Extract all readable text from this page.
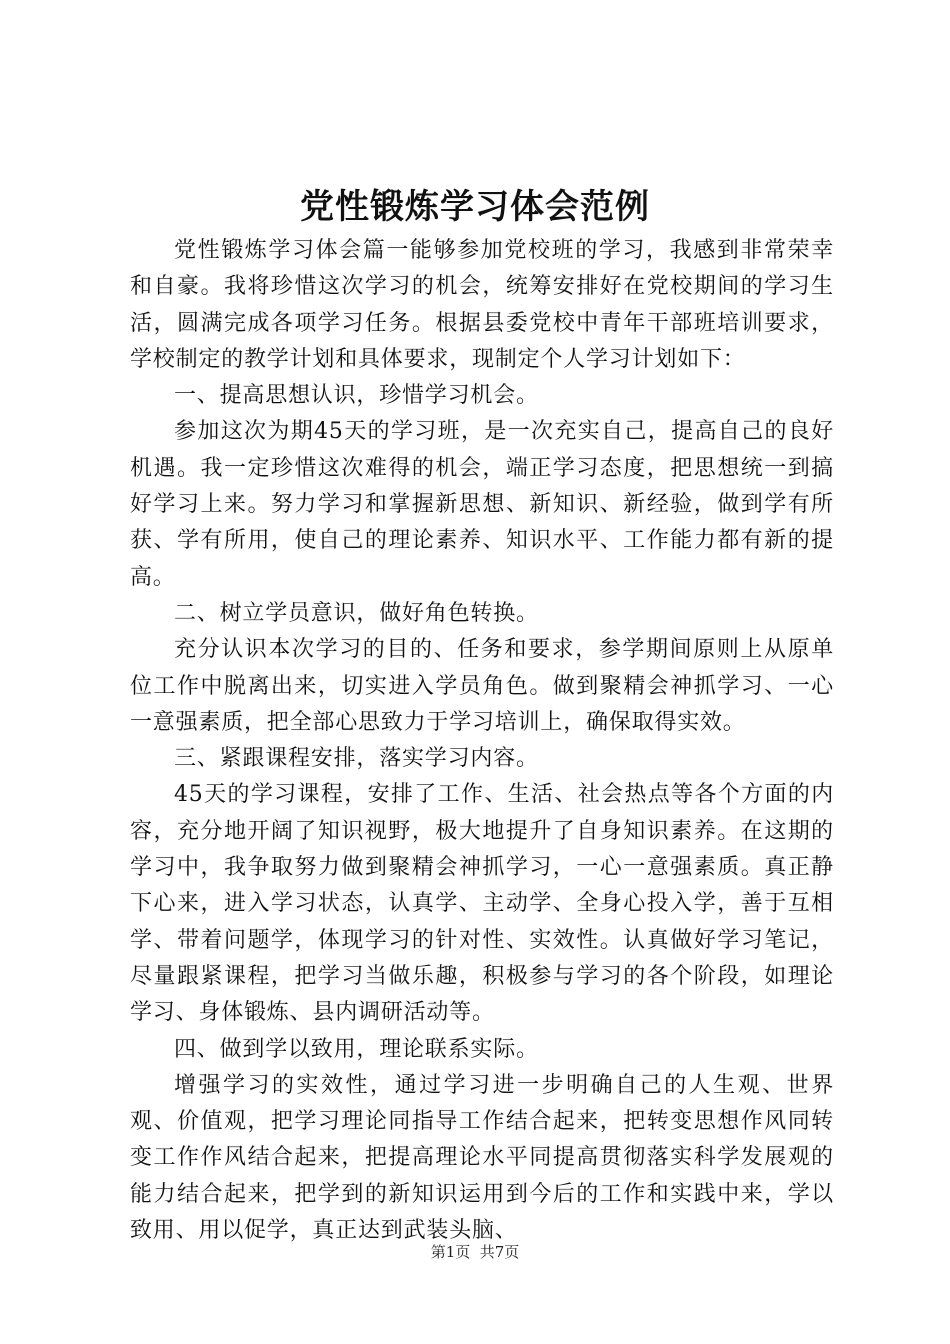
党性锻炼学习体会范例

党性锻炼学习体会篇一能够参加党校班的学习，我感到非常荣幸和自豪。我将珍惜这次学习的机会，统筹安排好在党校期间的学习生活，圆满完成各项学习任务。根据县委党校中青年干部班培训要求，学校制定的教学计划和具体要求，现制定个人学习计划如下：

一、提高思想认识，珍惜学习机会。

参加这次为期45天的学习班，是一次充实自己，提高自己的良好机遇。我一定珍惜这次难得的机会，端正学习态度，把思想统一到搞好学习上来。努力学习和掌握新思想、新知识、新经验，做到学有所获、学有所用，使自己的理论素养、知识水平、工作能力都有新的提高。

二、树立学员意识，做好角色转换。

充分认识本次学习的目的、任务和要求，参学期间原则上从原单位工作中脱离出来，切实进入学员角色。做到聚精会神抓学习、一心一意强素质，把全部心思致力于学习培训上，确保取得实效。

三、紧跟课程安排，落实学习内容。

45天的学习课程，安排了工作、生活、社会热点等各个方面的内容，充分地开阔了知识视野，极大地提升了自身知识素养。在这期的学习中，我争取努力做到聚精会神抓学习，一心一意强素质。真正静下心来，进入学习状态，认真学、主动学、全身心投入学，善于互相学、带着问题学，体现学习的针对性、实效性。认真做好学习笔记，尽量跟紧课程，把学习当做乐趣，积极参与学习的各个阶段，如理论学习、身体锻炼、县内调研活动等。

四、做到学以致用，理论联系实际。

增强学习的实效性，通过学习进一步明确自己的人生观、世界观、价值观，把学习理论同指导工作结合起来，把转变思想作风同转变工作作风结合起来，把提高理论水平同提高贯彻落实科学发展观的能力结合起来，把学到的新知识运用到今后的工作和实践中来，学以致用、用以促学，真正达到武装头脑、

第1页  共7页
